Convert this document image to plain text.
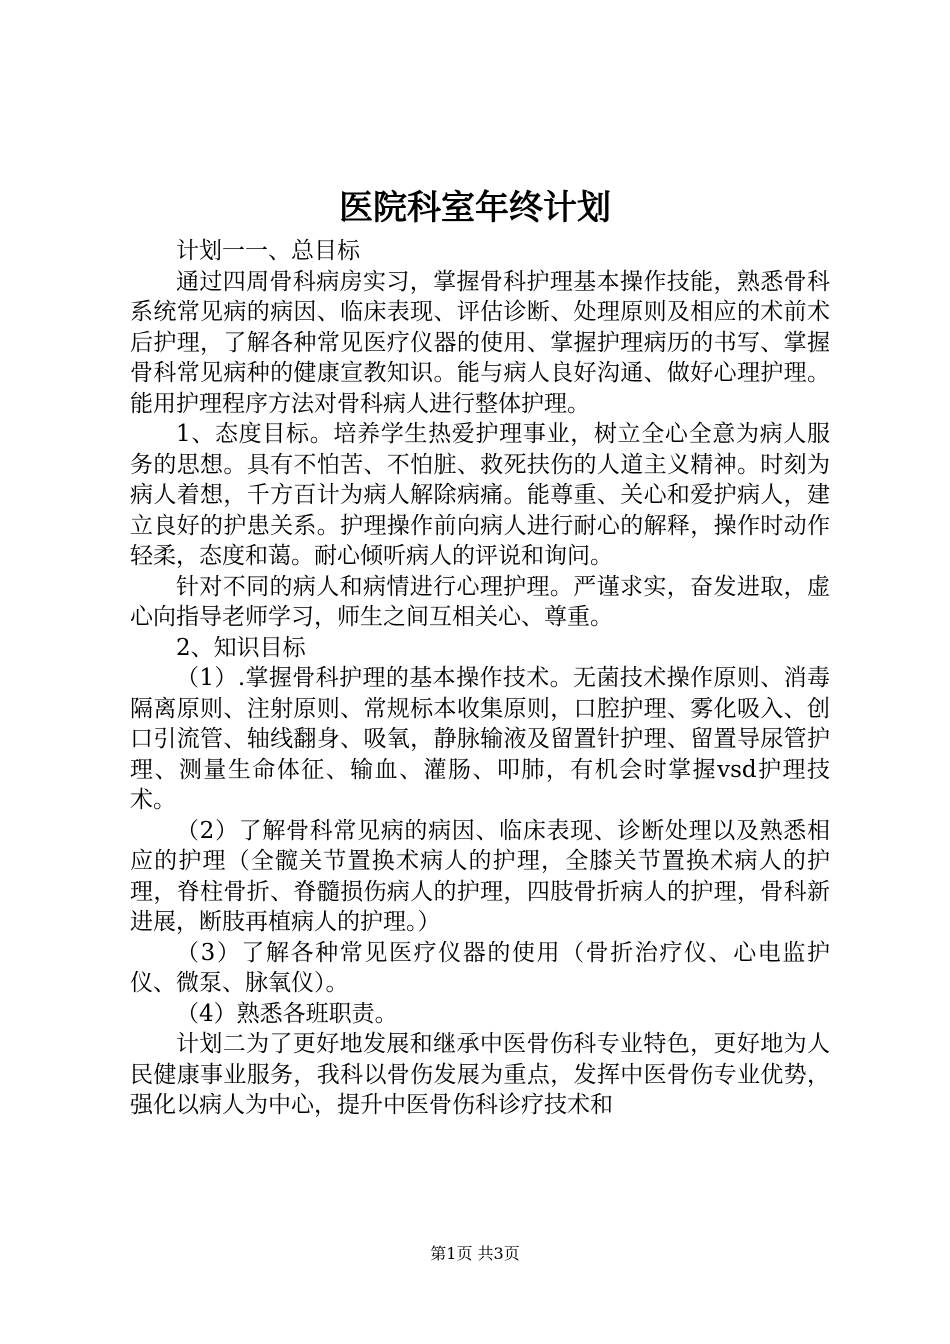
医院科室年终计划

计划一一、总目标

通过四周骨科病房实习，掌握骨科护理基本操作技能，熟悉骨科系统常见病的病因、临床表现、评估诊断、处理原则及相应的术前术后护理，了解各种常见医疗仪器的使用、掌握护理病历的书写、掌握骨科常见病种的健康宣教知识。能与病人良好沟通、做好心理护理。能用护理程序方法对骨科病人进行整体护理。

1、态度目标。培养学生热爱护理事业，树立全心全意为病人服务的思想。具有不怕苦、不怕脏、救死扶伤的人道主义精神。时刻为病人着想，千方百计为病人解除病痛。能尊重、关心和爱护病人，建立良好的护患关系。护理操作前向病人进行耐心的解释，操作时动作轻柔，态度和蔼。耐心倾听病人的评说和询问。

针对不同的病人和病情进行心理护理。严谨求实，奋发进取，虚心向指导老师学习，师生之间互相关心、尊重。

2、知识目标

（1）.掌握骨科护理的基本操作技术。无菌技术操作原则、消毒隔离原则、注射原则、常规标本收集原则，口腔护理、雾化吸入、创口引流管、轴线翻身、吸氧，静脉输液及留置针护理、留置导尿管护理、测量生命体征、输血、灌肠、叩肺，有机会时掌握vsd护理技术。

（2）了解骨科常见病的病因、临床表现、诊断处理以及熟悉相应的护理（全髋关节置换术病人的护理，全膝关节置换术病人的护理，脊柱骨折、脊髓损伤病人的护理，四肢骨折病人的护理，骨科新进展，断肢再植病人的护理。）

（3）了解各种常见医疗仪器的使用（骨折治疗仪、心电监护仪、微泵、脉氧仪）。

（4）熟悉各班职责。

计划二为了更好地发展和继承中医骨伤科专业特色，更好地为人民健康事业服务，我科以骨伤发展为重点，发挥中医骨伤专业优势，强化以病人为中心，提升中医骨伤科诊疗技术和

第1页 共3页
